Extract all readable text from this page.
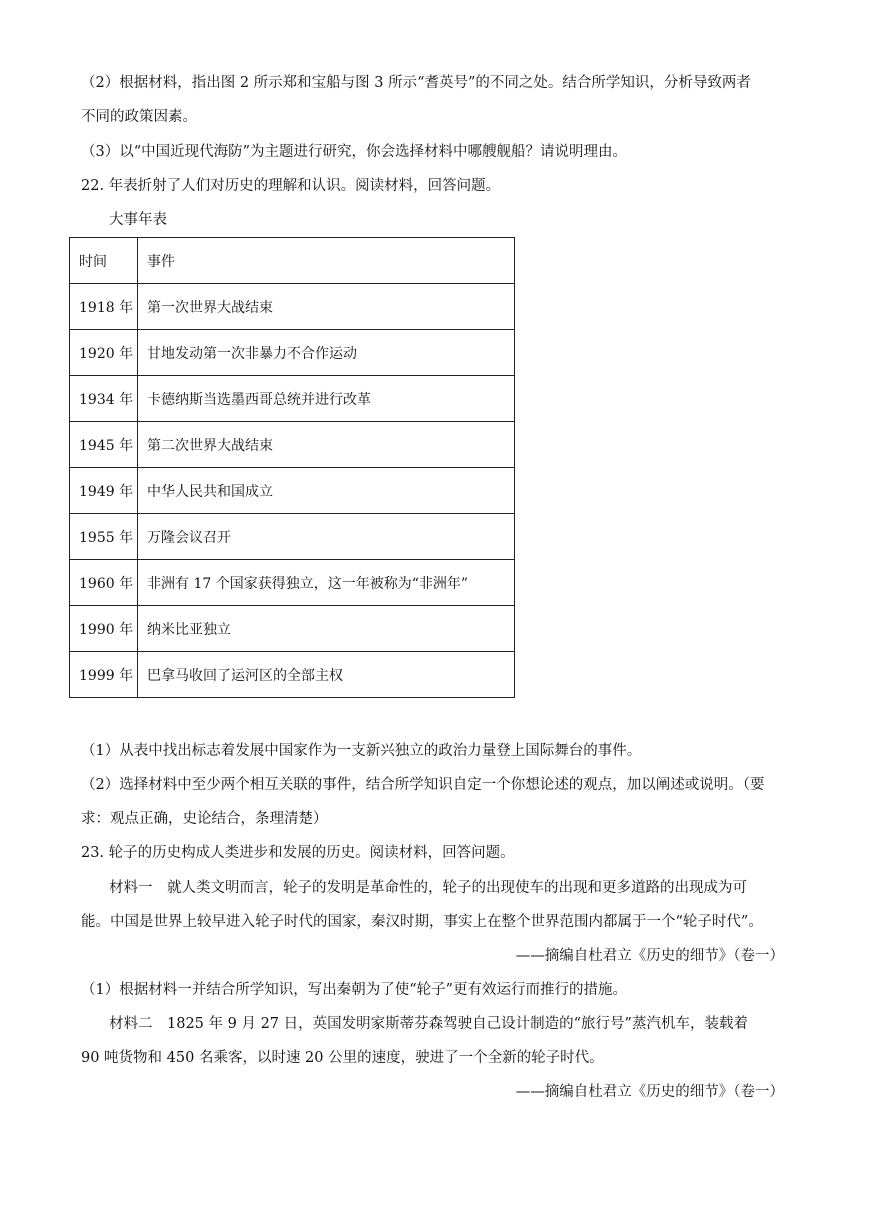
（2）根据材料，指出图 2 所示郑和宝船与图 3 所示“耆英号”的不同之处。结合所学知识，分析导致两者
不同的政策因素。
（3）以“中国近现代海防”为主题进行研究，你会选择材料中哪艘舰船？请说明理由。
22. 年表折射了人们对历史的理解和认识。阅读材料，回答问题。
大事年表
时间	事件
1918 年	第一次世界大战结束
1920 年	甘地发动第一次非暴力不合作运动
1934 年	卡德纳斯当选墨西哥总统并进行改革
1945 年	第二次世界大战结束
1949 年	中华人民共和国成立
1955 年	万隆会议召开
1960 年	非洲有 17 个国家获得独立，这一年被称为“非洲年”
1990 年	纳米比亚独立
1999 年	巴拿马收回了运河区的全部主权
（1）从表中找出标志着发展中国家作为一支新兴独立的政治力量登上国际舞台的事件。
（2）选择材料中至少两个相互关联的事件，结合所学知识自定一个你想论述的观点，加以阐述或说明。（要
求：观点正确，史论结合，条理清楚）
23. 轮子的历史构成人类进步和发展的历史。阅读材料，回答问题。
材料一　就人类文明而言，轮子的发明是革命性的，轮子的出现使车的出现和更多道路的出现成为可
能。中国是世界上较早进入轮子时代的国家，秦汉时期，事实上在整个世界范围内都属于一个“轮子时代”。
——摘编自杜君立《历史的细节》（卷一）
（1）根据材料一并结合所学知识，写出秦朝为了使“轮子”更有效运行而推行的措施。
材料二　1825 年 9 月 27 日，英国发明家斯蒂芬森驾驶自己设计制造的“旅行号”蒸汽机车，装载着
90 吨货物和 450 名乘客，以时速 20 公里的速度，驶进了一个全新的轮子时代。
——摘编自杜君立《历史的细节》（卷一）
